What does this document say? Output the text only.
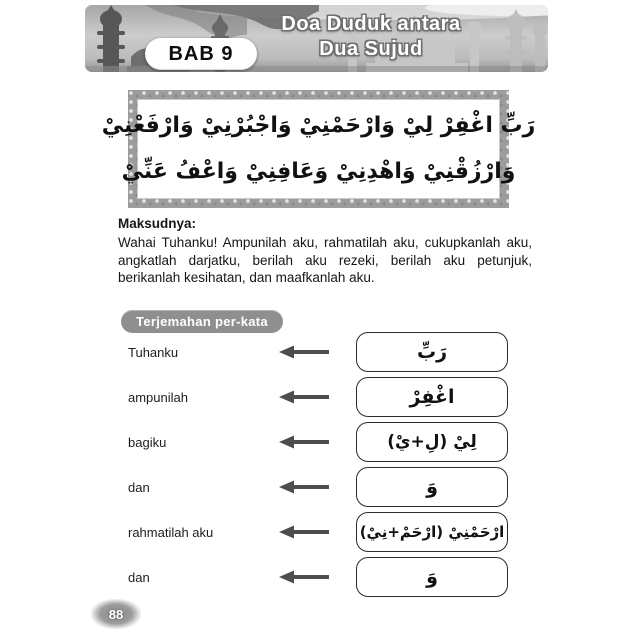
BAB 9
Doa Duduk antara
Dua Sujud
رَبِّ اغْفِرْ لِيْ وَارْحَمْنِيْ وَاجْبُرْنِيْ وَارْفَعْنِيْ
وَارْزُقْنِيْ وَاهْدِنِيْ وَعَافِنِيْ وَاعْفُ عَنِّيْ
Maksudnya:

Wahai Tuhanku! Ampunilah aku, rahmatilah aku, cukupkanlah aku, angkatlah darjatku, berilah aku rezeki, berilah aku petunjuk, berikanlah kesihatan, dan maafkanlah aku.

Terjemahan per-kata
Tuhanku	رَبِّ
ampunilah	اغْفِرْ
bagiku	لِيْ (لِ+يْ)
dan	وَ
rahmatilah aku	ارْحَمْنِيْ (ارْحَمْ+نِيْ)
dan	وَ
88
